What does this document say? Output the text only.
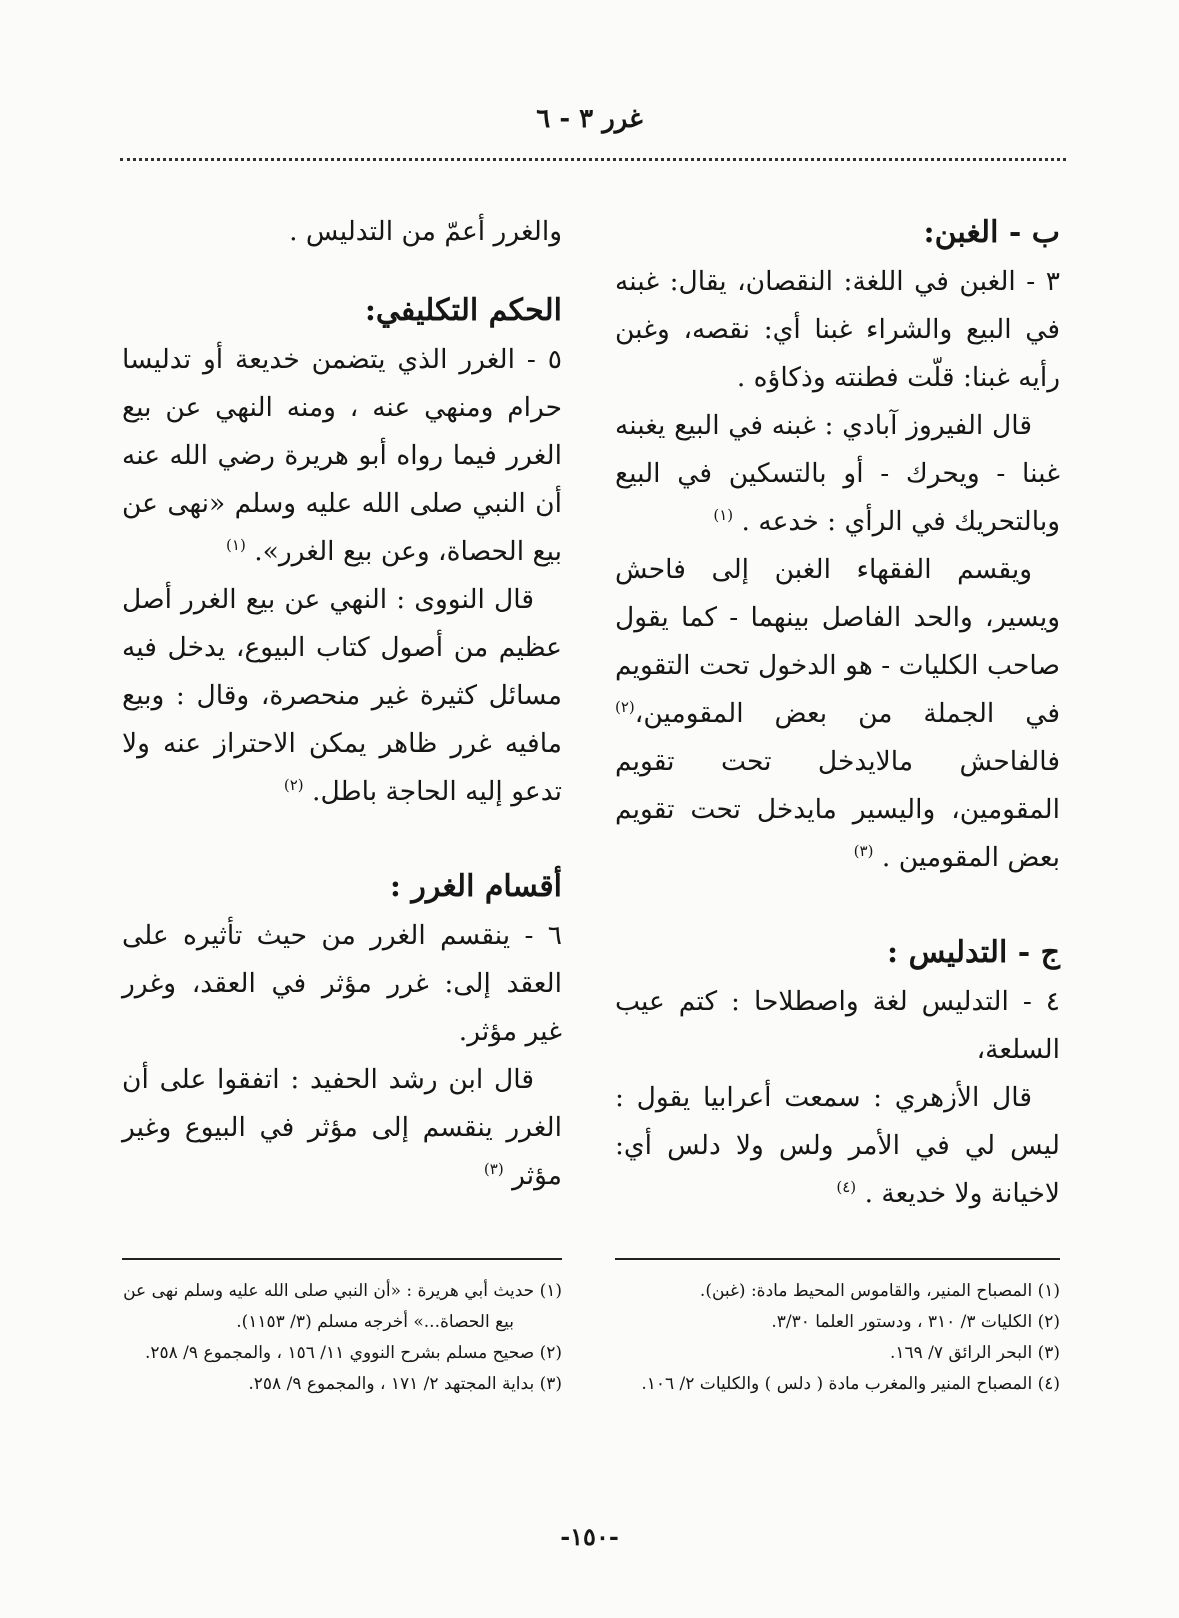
غرر ٣ - ٦
ب - الغبن:

٣ - الغبن في اللغة: النقصان، يقال: غبنه في البيع والشراء غبنا أي: نقصه، وغبن رأيه غبنا: قلّت فطنته وذكاؤه .

قال الفيروز آبادي : غبنه في البيع يغبنه غبنا - ويحرك - أو بالتسكين في البيع وبالتحريك في الرأي : خدعه . $^{(١)}$

ويقسم الفقهاء الغبن إلى فاحش ويسير، والحد الفاصل بينهما - كما يقول صاحب الكليات - هو الدخول تحت التقويم في الجملة من بعض المقومين،$^{(٢)}$ فالفاحش مالايدخل تحت تقويم المقومين، واليسير مايدخل تحت تقويم بعض المقومين . $^{(٣)}$

ج - التدليس :

٤ - التدليس لغة واصطلاحا : كتم عيب السلعة،

قال الأزهري : سمعت أعرابيا يقول : ليس لي في الأمر ولس ولا دلس أي: لاخيانة ولا خديعة . $^{(٤)}$

والغرر أعمّ من التدليس .

الحكم التكليفي:

٥ - الغرر الذي يتضمن خديعة أو تدليسا حرام ومنهي عنه ، ومنه النهي عن بيع الغرر فيما رواه أبو هريرة رضي الله عنه أن النبي صلى الله عليه وسلم «نهى عن بيع الحصاة، وعن بيع الغرر». $^{(١)}$

قال النووى : النهي عن بيع الغرر أصل عظيم من أصول كتاب البيوع، يدخل فيه مسائل كثيرة غير منحصرة، وقال : وبيع مافيه غرر ظاهر يمكن الاحتراز عنه ولا تدعو إليه الحاجة باطل. $^{(٢)}$

أقسام الغرر :

٦ - ينقسم الغرر من حيث تأثيره على العقد إلى: غرر مؤثر في العقد، وغرر غير مؤثر.

قال ابن رشد الحفيد : اتفقوا على أن الغرر ينقسم إلى مؤثر في البيوع وغير مؤثر $^{(٣)}$

(١) المصباح المنير، والقاموس المحيط مادة: (غبن).

(٢) الكليات ٣/ ٣١٠ ، ودستور العلما ٣/٣٠.

(٣) البحر الرائق ٧/ ١٦٩.

(٤) المصباح المنير والمغرب مادة ( دلس ) والكليات ٢/ ١٠٦.

(١) حديث أبي هريرة : «أن النبي صلى الله عليه وسلم نهى عن بيع الحصاة...» أخرجه مسلم (٣/ ١١٥٣).

(٢) صحيح مسلم بشرح النووي ١١/ ١٥٦ ، والمجموع ٩/ ٢٥٨.

(٣) بداية المجتهد ٢/ ١٧١ ، والمجموع ٩/ ٢٥٨.

-١٥٠-
